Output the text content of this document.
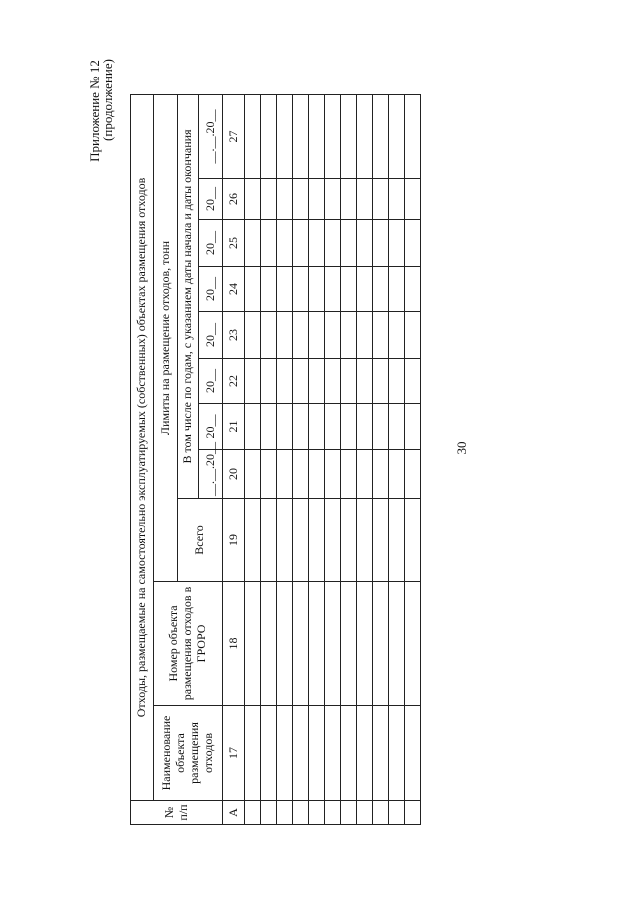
30
Приложение № 12
(продолжение)
№ п/п	Отходы, размещаемые на самостоятельно эксплуатируемых (собственных) объектах размещения отходов										
	Наименование объекта размещения отходов	Номер объекта размещения отходов в ГРОРО	Лимиты на размещение отходов, тонн								
			Всего	В том числе по годам, с указанием даты начала и даты окончания							
				__.__.20__	20__	20__	20__	20__	20__	20__	__.__.20__
А	17	18	19	20	21	22	23	24	25	26	27
